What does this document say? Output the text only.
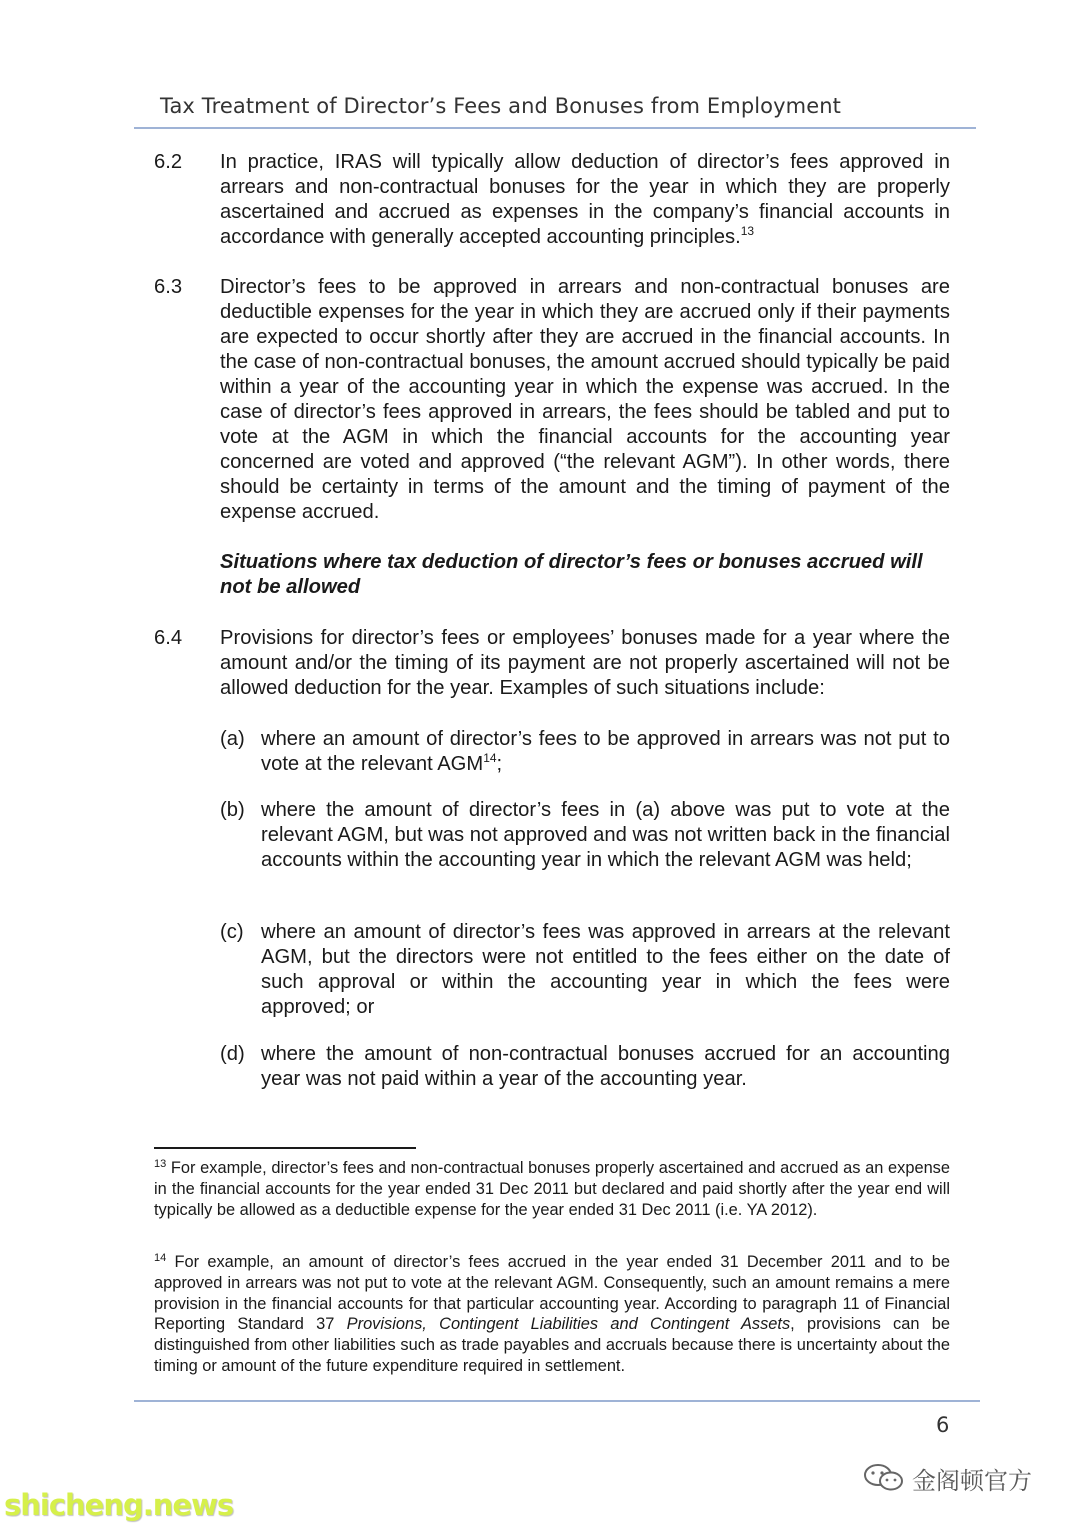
Tax Treatment of Director’s Fees and Bonuses from Employment
6.2 In practice, IRAS will typically allow deduction of director’s fees approved in arrears and non-contractual bonuses for the year in which they are properly ascertained and accrued as expenses in the company’s financial accounts in accordance with generally accepted accounting principles.$^{13}$
6.3 Director’s fees to be approved in arrears and non-contractual bonuses are deductible expenses for the year in which they are accrued only if their payments are expected to occur shortly after they are accrued in the financial accounts. In the case of non-contractual bonuses, the amount accrued should typically be paid within a year of the accounting year in which the expense was accrued. In the case of director’s fees approved in arrears, the fees should be tabled and put to vote at the AGM in which the financial accounts for the accounting year concerned are voted and approved (“the relevant AGM”). In other words, there should be certainty in terms of the amount and the timing of payment of the expense accrued.
Situations where tax deduction of director’s fees or bonuses accrued will not be allowed
6.4 Provisions for director’s fees or employees’ bonuses made for a year where the amount and/or the timing of its payment are not properly ascertained will not be allowed deduction for the year. Examples of such situations include:
(a) where an amount of director’s fees to be approved in arrears was not put to vote at the relevant AGM$^{14}$;
(b) where the amount of director’s fees in (a) above was put to vote at the relevant AGM, but was not approved and was not written back in the financial accounts within the accounting year in which the relevant AGM was held;
(c) where an amount of director’s fees was approved in arrears at the relevant AGM, but the directors were not entitled to the fees either on the date of such approval or within the accounting year in which the fees were approved; or
(d) where the amount of non-contractual bonuses accrued for an accounting year was not paid within a year of the accounting year.
$^{13}$ For example, director’s fees and non-contractual bonuses properly ascertained and accrued as an expense in the financial accounts for the year ended 31 Dec 2011 but declared and paid shortly after the year end will typically be allowed as a deductible expense for the year ended 31 Dec 2011 (i.e. YA 2012).
$^{14}$ For example, an amount of director’s fees accrued in the year ended 31 December 2011 and to be approved in arrears was not put to vote at the relevant AGM. Consequently, such an amount remains a mere provision in the financial accounts for that particular accounting year. According to paragraph 11 of Financial Reporting Standard 37 Provisions, Contingent Liabilities and Contingent Assets, provisions can be distinguished from other liabilities such as trade payables and accruals because there is uncertainty about the timing or amount of the future expenditure required in settlement.
6
shicheng.news
金阁顿官方
